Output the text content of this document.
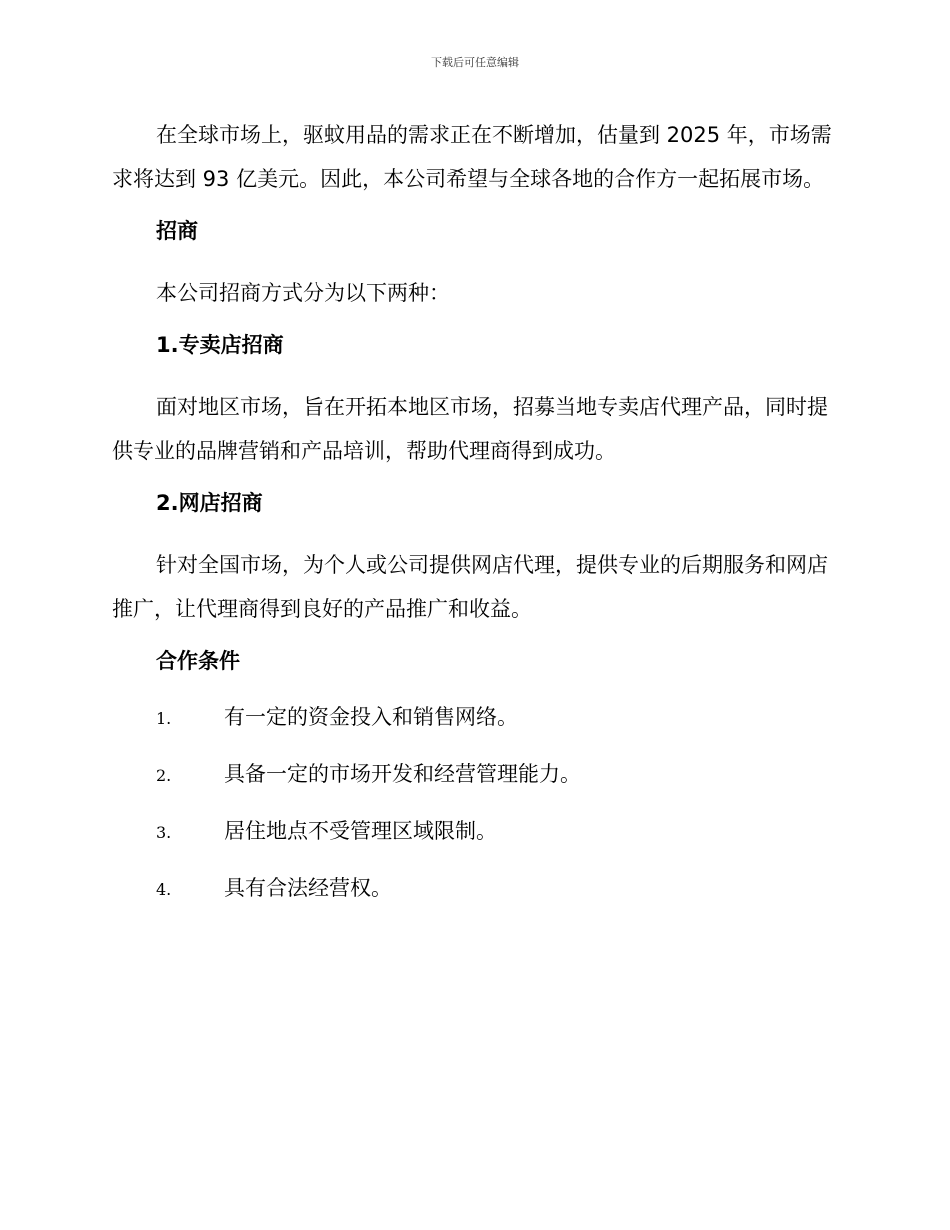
下载后可任意编辑

在全球市场上，驱蚊用品的需求正在不断增加，估量到 2025 年，市场需求将达到 93 亿美元。因此，本公司希望与全球各地的合作方一起拓展市场。

招商

本公司招商方式分为以下两种：

1.专卖店招商

面对地区市场，旨在开拓本地区市场，招募当地专卖店代理产品，同时提供专业的品牌营销和产品培训，帮助代理商得到成功。

2.网店招商

针对全国市场，为个人或公司提供网店代理，提供专业的后期服务和网店推广，让代理商得到良好的产品推广和收益。

合作条件
1.	有一定的资金投入和销售网络。
2.	具备一定的市场开发和经营管理能力。
3.	居住地点不受管理区域限制。
4.	具有合法经营权。
